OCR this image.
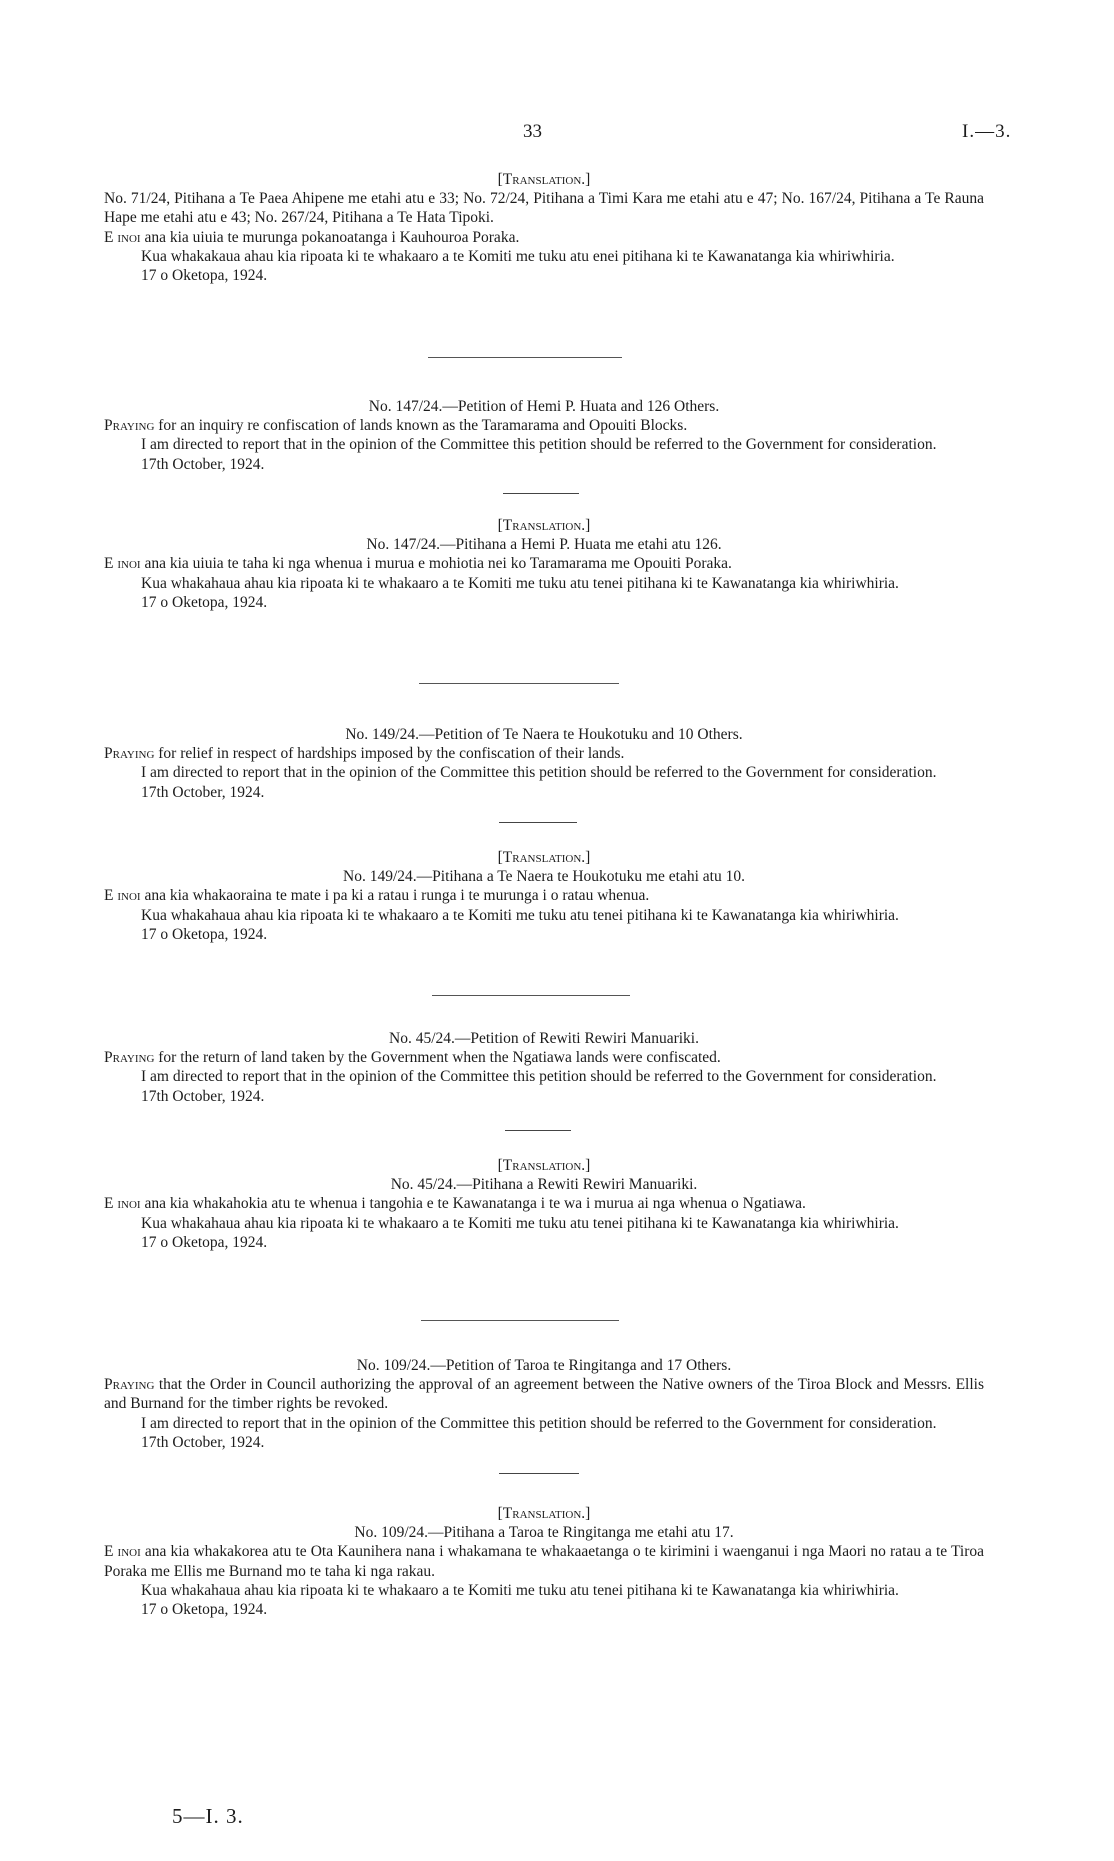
33	I.—3.
[Translation.]

No. 71/24, Pitihana a Te Paea Ahipene me etahi atu e 33; No. 72/24, Pitihana a Timi Kara me etahi atu e 47; No. 167/24, Pitihana a Te Rauna Hape me etahi atu e 43; No. 267/24, Pitihana a Te Hata Tipoki.

E inoi ana kia uiuia te murunga pokanoatanga i Kauhouroa Poraka.

Kua whakakaua ahau kia ripoata ki te whakaaro a te Komiti me tuku atu enei pitihana ki te Kawanatanga kia whiriwhiria.

17 o Oketopa, 1924.

No. 147/24.—Petition of Hemi P. Huata and 126 Others.

Praying for an inquiry re confiscation of lands known as the Taramarama and Opouiti Blocks.

I am directed to report that in the opinion of the Committee this petition should be referred to the Government for consideration.

17th October, 1924.

[Translation.]
No. 147/24.—Pitihana a Hemi P. Huata me etahi atu 126.

E inoi ana kia uiuia te taha ki nga whenua i murua e mohiotia nei ko Taramarama me Opouiti Poraka.

Kua whakahaua ahau kia ripoata ki te whakaaro a te Komiti me tuku atu tenei pitihana ki te Kawanatanga kia whiriwhiria.

17 o Oketopa, 1924.

No. 149/24.—Petition of Te Naera te Houkotuku and 10 Others.

Praying for relief in respect of hardships imposed by the confiscation of their lands.

I am directed to report that in the opinion of the Committee this petition should be referred to the Government for consideration.

17th October, 1924.

[Translation.]
No. 149/24.—Pitihana a Te Naera te Houkotuku me etahi atu 10.

E inoi ana kia whakaoraina te mate i pa ki a ratau i runga i te murunga i o ratau whenua.

Kua whakahaua ahau kia ripoata ki te whakaaro a te Komiti me tuku atu tenei pitihana ki te Kawanatanga kia whiriwhiria.

17 o Oketopa, 1924.

No. 45/24.—Petition of Rewiti Rewiri Manuariki.

Praying for the return of land taken by the Government when the Ngatiawa lands were confiscated.

I am directed to report that in the opinion of the Committee this petition should be referred to the Government for consideration.

17th October, 1924.

[Translation.]
No. 45/24.—Pitihana a Rewiti Rewiri Manuariki.

E inoi ana kia whakahokia atu te whenua i tangohia e te Kawanatanga i te wa i murua ai nga whenua o Ngatiawa.

Kua whakahaua ahau kia ripoata ki te whakaaro a te Komiti me tuku atu tenei pitihana ki te Kawanatanga kia whiriwhiria.

17 o Oketopa, 1924.

No. 109/24.—Petition of Taroa te Ringitanga and 17 Others.

Praying that the Order in Council authorizing the approval of an agreement between the Native owners of the Tiroa Block and Messrs. Ellis and Burnand for the timber rights be revoked.

I am directed to report that in the opinion of the Committee this petition should be referred to the Government for consideration.

17th October, 1924.

[Translation.]
No. 109/24.—Pitihana a Taroa te Ringitanga me etahi atu 17.

E inoi ana kia whakakorea atu te Ota Kaunihera nana i whakamana te whakaaetanga o te kirimini i waenganui i nga Maori no ratau a te Tiroa Poraka me Ellis me Burnand mo te taha ki nga rakau.

Kua whakahaua ahau kia ripoata ki te whakaaro a te Komiti me tuku atu tenei pitihana ki te Kawanatanga kia whiriwhiria.

17 o Oketopa, 1924.

5—I. 3.
